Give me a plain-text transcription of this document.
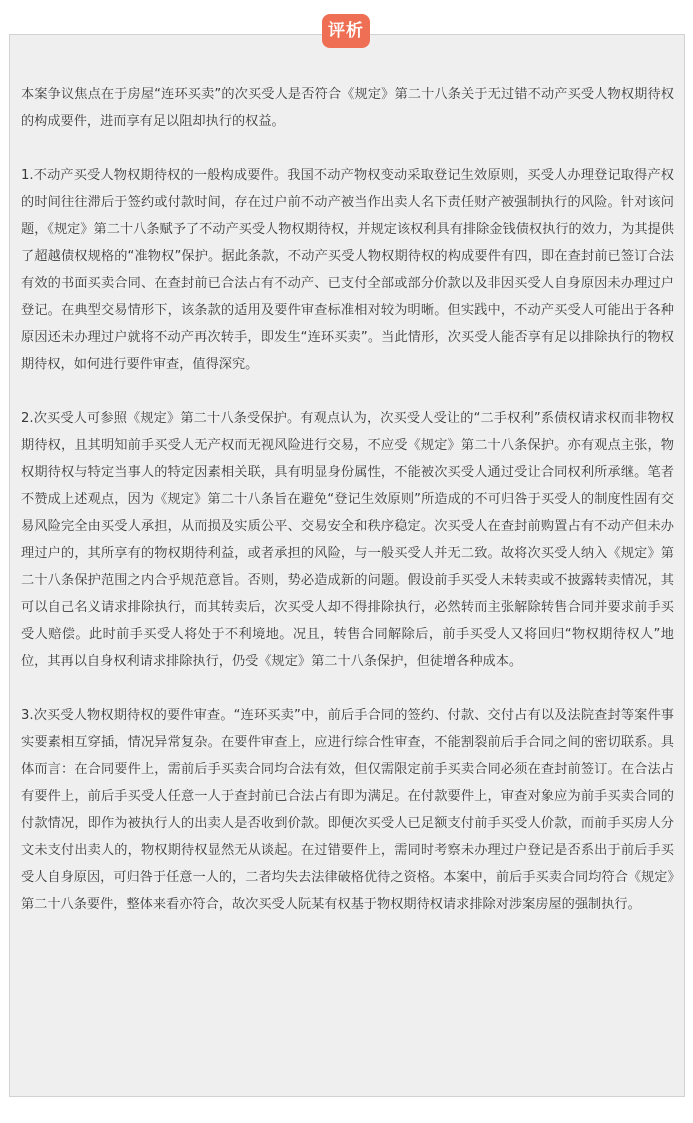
评析

本案争议焦点在于房屋“连环买卖”的次买受人是否符合《规定》第二十八条关于无过错不动产买受人物权期待权的构成要件，进而享有足以阻却执行的权益。

1.不动产买受人物权期待权的一般构成要件。我国不动产物权变动采取登记生效原则，买受人办理登记取得产权的时间往往滞后于签约或付款时间，存在过户前不动产被当作出卖人名下责任财产被强制执行的风险。针对该问题，《规定》第二十八条赋予了不动产买受人物权期待权，并规定该权利具有排除金钱债权执行的效力，为其提供了超越债权规格的“准物权”保护。据此条款，不动产买受人物权期待权的构成要件有四，即在查封前已签订合法有效的书面买卖合同、在查封前已合法占有不动产、已支付全部或部分价款以及非因买受人自身原因未办理过户登记。在典型交易情形下，该条款的适用及要件审查标准相对较为明晰。但实践中，不动产买受人可能出于各种原因还未办理过户就将不动产再次转手，即发生“连环买卖”。当此情形，次买受人能否享有足以排除执行的物权期待权，如何进行要件审查，值得深究。

2.次买受人可参照《规定》第二十八条受保护。有观点认为，次买受人受让的“二手权利”系债权请求权而非物权期待权，且其明知前手买受人无产权而无视风险进行交易，不应受《规定》第二十八条保护。亦有观点主张，物权期待权与特定当事人的特定因素相关联，具有明显身份属性，不能被次买受人通过受让合同权利所承继。笔者不赞成上述观点，因为《规定》第二十八条旨在避免“登记生效原则”所造成的不可归咎于买受人的制度性固有交易风险完全由买受人承担，从而损及实质公平、交易安全和秩序稳定。次买受人在查封前购置占有不动产但未办理过户的，其所享有的物权期待利益，或者承担的风险，与一般买受人并无二致。故将次买受人纳入《规定》第二十八条保护范围之内合乎规范意旨。否则，势必造成新的问题。假设前手买受人未转卖或不披露转卖情况，其可以自己名义请求排除执行，而其转卖后，次买受人却不得排除执行，必然转而主张解除转售合同并要求前手买受人赔偿。此时前手买受人将处于不利境地。况且，转售合同解除后，前手买受人又将回归“物权期待权人”地位，其再以自身权利请求排除执行，仍受《规定》第二十八条保护，但徒增各种成本。

3.次买受人物权期待权的要件审查。“连环买卖”中，前后手合同的签约、付款、交付占有以及法院查封等案件事实要素相互穿插，情况异常复杂。在要件审查上，应进行综合性审查，不能割裂前后手合同之间的密切联系。具体而言：在合同要件上，需前后手买卖合同均合法有效，但仅需限定前手买卖合同必须在查封前签订。在合法占有要件上，前后手买受人任意一人于查封前已合法占有即为满足。在付款要件上，审查对象应为前手买卖合同的付款情况，即作为被执行人的出卖人是否收到价款。即便次买受人已足额支付前手买受人价款，而前手买房人分文未支付出卖人的，物权期待权显然无从谈起。在过错要件上，需同时考察未办理过户登记是否系出于前后手买受人自身原因，可归咎于任意一人的，二者均失去法律破格优待之资格。本案中，前后手买卖合同均符合《规定》第二十八条要件，整体来看亦符合，故次买受人阮某有权基于物权期待权请求排除对涉案房屋的强制执行。
